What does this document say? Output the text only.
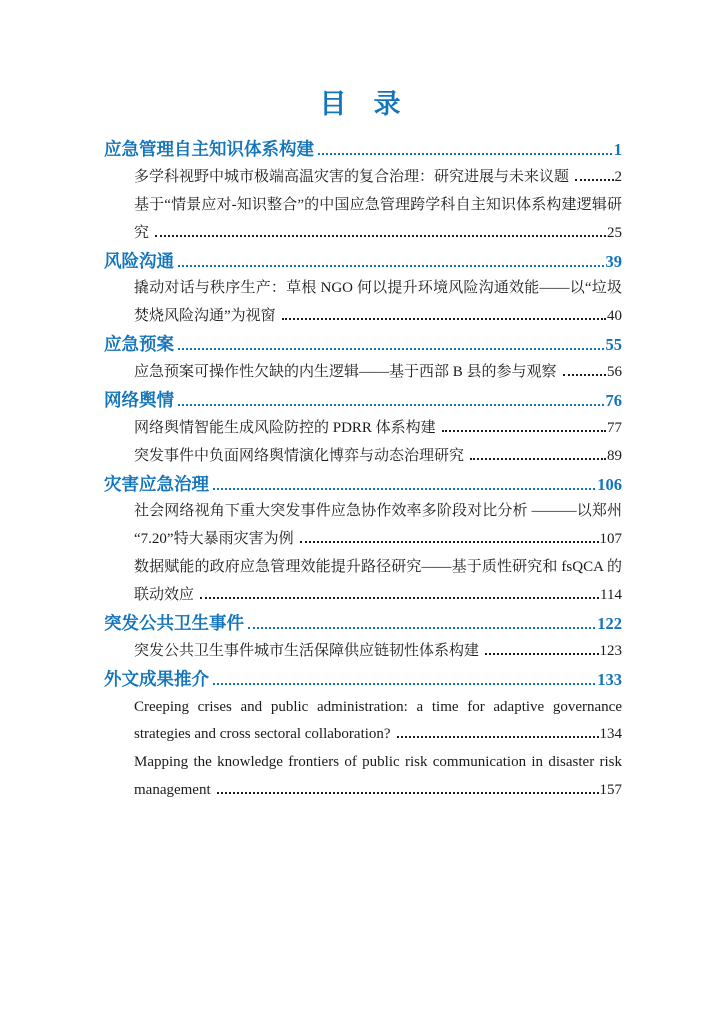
目　录
应急管理自主知识体系构建	1
多学科视野中城市极端高温灾害的复合治理：研究进展与未来议题	2
基于“情景应对-知识整合”的中国应急管理跨学科自主知识体系构建逻辑研
究	25
风险沟通	39
撬动对话与秩序生产：草根 NGO 何以提升环境风险沟通效能——以“垃圾
焚烧风险沟通”为视窗	40
应急预案	55
应急预案可操作性欠缺的内生逻辑——基于西部 B 县的参与观察	56
网络舆情	76
网络舆情智能生成风险防控的 PDRR 体系构建	77
突发事件中负面网络舆情演化博弈与动态治理研究	89
灾害应急治理	106
社会网络视角下重大突发事件应急协作效率多阶段对比分析 ———以郑州
“7.20”特大暴雨灾害为例	107
数据赋能的政府应急管理效能提升路径研究——基于质性研究和 fsQCA 的
联动效应	114
突发公共卫生事件	122
突发公共卫生事件城市生活保障供应链韧性体系构建	123
外文成果推介	133
Creeping crises and public administration: a time for adaptive governance
strategies and cross sectoral collaboration?	134
Mapping the knowledge frontiers of public risk communication in disaster risk
management	157
